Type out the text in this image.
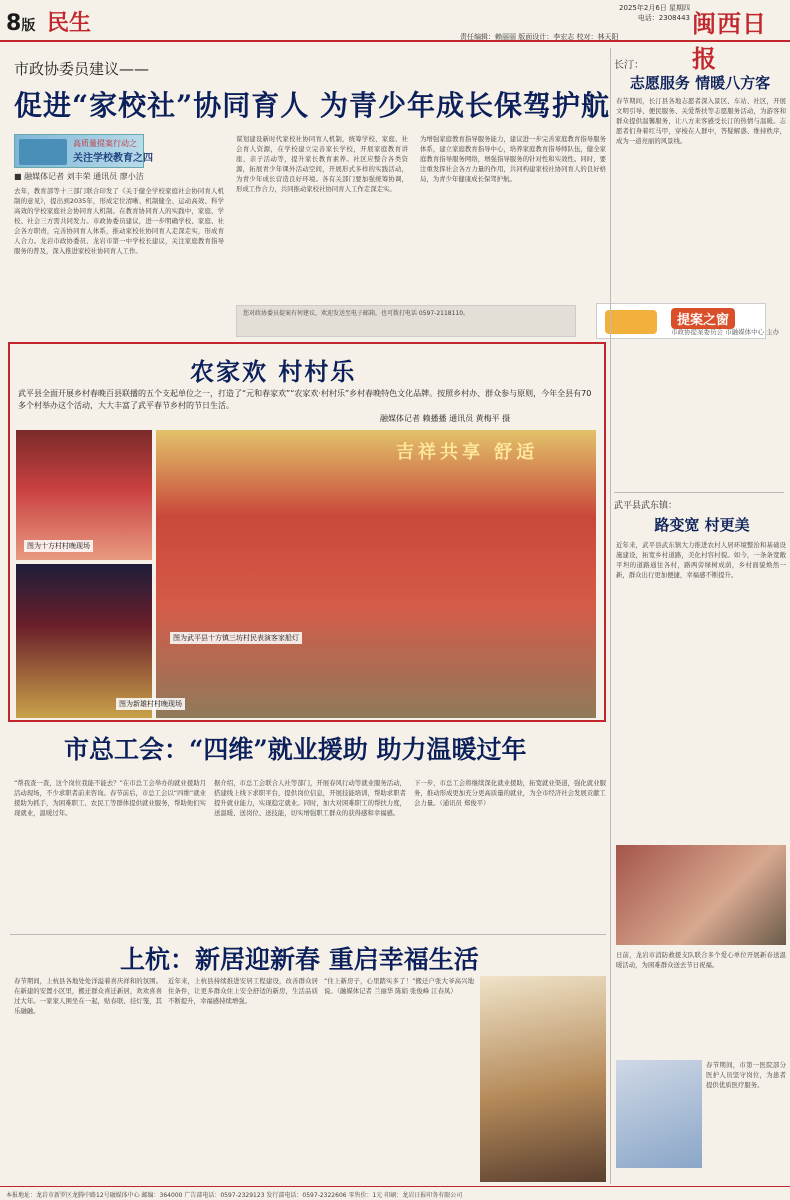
8版 民生
2025年2月6日 星期四
电话：2308443 闽西日报
责任编辑：赖丽丽 版面设计：李宏志 校对：林天阳
市政协委员建议——
促进“家校社”协同育人 为青少年成长保驾护航
高质量提案行动之
关注学校教育之四
■ 融媒体记者 刘丰荣 通讯员 廖小洁
去年，教育部等十三部门联合印发了《关于健全学校家庭社会协同育人机制的意见》，提出到2035年，形成定位清晰、机制健全、运动高效、科学高效的学校家庭社会协同育人机制。在教育协同育人的实践中，家庭、学校、社会三方需共同发力。市政协委员建议，进一步明确学校、家庭、社会各方职责，完善协同育人体系，推动家校社协同育人走深走实，形成育人合力。龙岩市政协委员、龙岩市第一中学校长建议，关注家庭教育指导服务的普及，深入推进家校社协同育人工作。
谋划建设新时代家校社协同育人机制，统筹学校、家庭、社会育人资源，在学校建立完善家长学校，开展家庭教育讲座、亲子活动等，提升家长教育素养。社区应整合各类资源，拓展青少年课外活动空间，开展形式多样的实践活动，为青少年成长营造良好环境。各有关部门要加强统筹协调，形成工作合力，共同推动家校社协同育人工作走深走实。
为增强家庭教育指导服务能力，建议进一步完善家庭教育指导服务体系，建立家庭教育指导中心，培养家庭教育指导师队伍，健全家庭教育指导服务网络，增强指导服务的针对性和实效性。同时，要注重发挥社会各方力量的作用，共同构建家校社协同育人的良好格局，为青少年健康成长保驾护航。
您对政协委员提案有何建议，欢迎发送至电子邮箱，也可拨打电话 0597-2118110。	提案之窗
市政协提案委员会 市融媒体中心 主办
长汀：
志愿服务 情暖八方客
春节期间，长汀县各地志愿者深入景区、车站、社区，开展文明引导、便民服务、关爱帮扶等志愿服务活动，为游客和群众提供温馨服务，让八方来客感受长汀的热情与温暖。志愿者们身着红马甲，穿梭在人群中，答疑解惑、维持秩序，成为一道亮丽的风景线。
武平县武东镇：
路变宽 村更美
近年来，武平县武东镇大力推进农村人居环境整治和基础设施建设，拓宽乡村道路，美化村容村貌。如今，一条条宽敞平坦的道路通往各村，路两旁绿树成荫，乡村面貌焕然一新，群众出行更加便捷，幸福感不断提升。
日前，龙岩市消防救援支队联合多个爱心单位开展新春送温暖活动，为困难群众送去节日祝福。
春节期间，市第一医院部分医护人员坚守岗位，为患者提供优质医疗服务。
农家欢 村村乐
武平县全面开展乡村春晚百县联播的五个支起单位之一，打造了“元和春家欢”“农家欢·村村乐”乡村春晚特色文化品牌。按照乡村办、群众参与原则，今年全县有70多个村举办这个活动，大大丰富了武平春节乡村的节日生活。
融媒体记者 赖播播 通讯员 黄梅平 摄
图为十方村村晚现场
吉祥共享 舒适
图为武平县十方镇三坊村民表演客家船灯
图为新雄村村晚现场
市总工会：“四维”就业援助 助力温暖过年
“帮我查一查，这个岗位我能不能去？”在市总工会举办的就业援助月活动现场，不少求职者前来咨询。春节前后，市总工会以“四维”就业援助为抓手，为困难职工、农民工等群体提供就业服务，帮助他们实现就业，温暖过年。
据介绍，市总工会联合人社等部门，开展春风行动等就业服务活动，搭建线上线下求职平台，提供岗位信息，开展技能培训，帮助求职者提升就业能力，实现稳定就业。同时，加大对困难职工的帮扶力度，送温暖、送岗位、送技能，切实增强职工群众的获得感和幸福感。
下一步，市总工会将继续深化就业援助，拓宽就业渠道，强化就业服务，推动形成更加充分更高质量的就业，为全市经济社会发展贡献工会力量。（通讯员 郑俊平）
上杭：新居迎新春 重启幸福生活
春节期间，上杭县各地处处洋溢着喜庆祥和的氛围。在新建的安置小区里，搬迁群众喜迁新居，欢欢喜喜过大年。一家家人围坐在一起，贴春联、挂灯笼，其乐融融。
近年来，上杭县持续推进安居工程建设，改善群众居住条件，让更多群众住上安全舒适的新房，生活品质不断提升，幸福感持续增强。
“住上新房子，心里踏实多了！”搬迁户张大爷高兴地说。（融媒体记者 兰丽华 陈娟 张俊峰 江春凤）
本报地址：龙岩市新罗区龙腾中路12号融媒体中心 邮编：364000 广告部电话：0597-2329123 发行部电话：0597-2322606 零售价：1元 印刷：龙岩日报印务有限公司
